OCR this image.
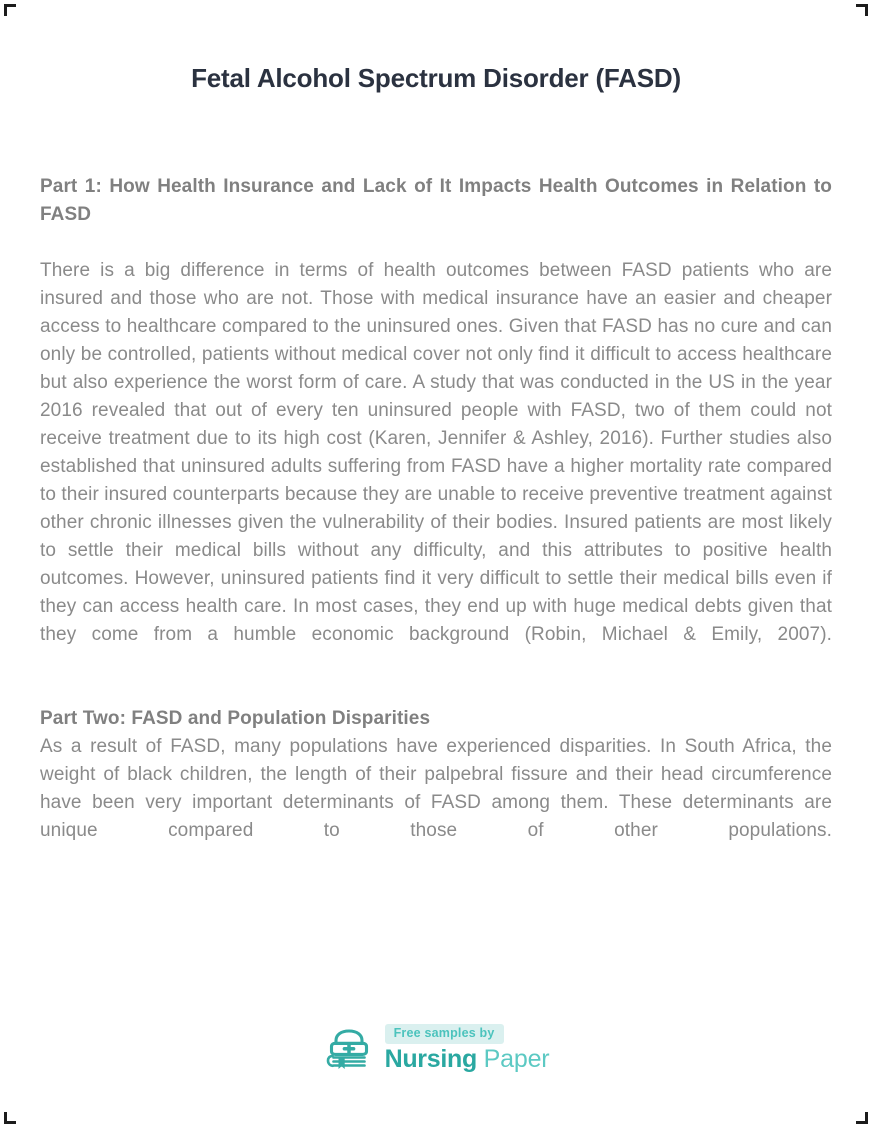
Fetal Alcohol Spectrum Disorder (FASD)
Part 1: How Health Insurance and Lack of It Impacts Health Outcomes in Relation to FASD

There is a big difference in terms of health outcomes between FASD patients who are insured and those who are not. Those with medical insurance have an easier and cheaper access to healthcare compared to the uninsured ones. Given that FASD has no cure and can only be controlled, patients without medical cover not only find it difficult to access healthcare but also experience the worst form of care. A study that was conducted in the US in the year 2016 revealed that out of every ten uninsured people with FASD, two of them could not receive treatment due to its high cost (Karen, Jennifer & Ashley, 2016). Further studies also established that uninsured adults suffering from FASD have a higher mortality rate compared to their insured counterparts because they are unable to receive preventive treatment against other chronic illnesses given the vulnerability of their bodies. Insured patients are most likely to settle their medical bills without any difficulty, and this attributes to positive health outcomes. However, uninsured patients find it very difficult to settle their medical bills even if they can access health care. In most cases, they end up with huge medical debts given that they come from a humble economic background (Robin, Michael & Emily, 2007).

Part Two: FASD and Population Disparities

As a result of FASD, many populations have experienced disparities. In South Africa, the weight of black children, the length of their palpebral fissure and their head circumference have been very important determinants of FASD among them. These determinants are unique compared to those of other populations.

Free samples by
Nursing Paper
